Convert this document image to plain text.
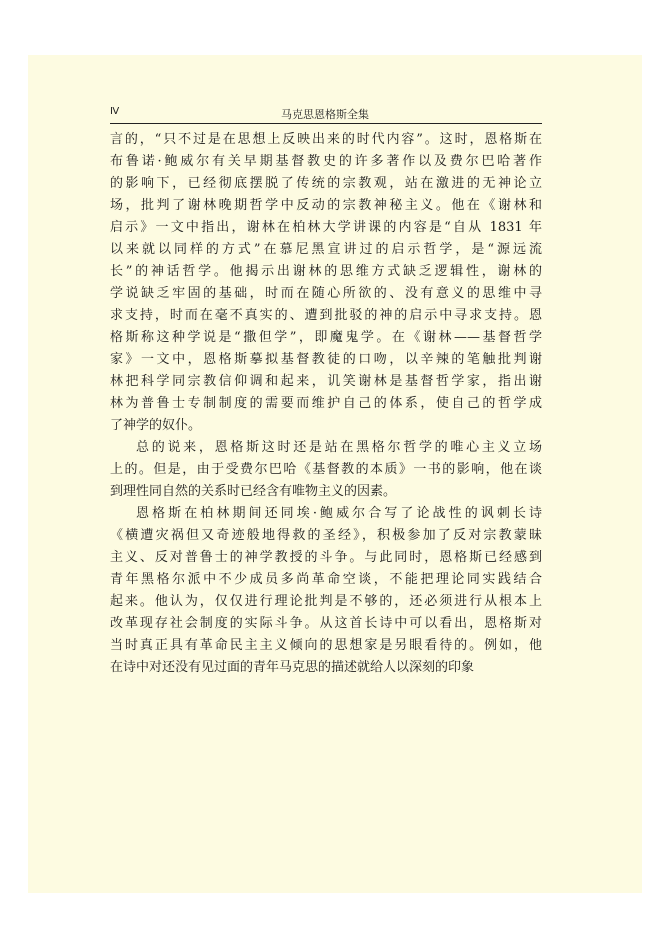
Ⅳ	马克思恩格斯全集
言的，“只不过是在思想上反映出来的时代内容”。这时，恩格斯在
布鲁诺·鲍威尔有关早期基督教史的许多著作以及费尔巴哈著作
的影响下，已经彻底摆脱了传统的宗教观，站在激进的无神论立
场，批判了谢林晚期哲学中反动的宗教神秘主义。他在《谢林和
启示》一文中指出，谢林在柏林大学讲课的内容是“自从 1831 年
以来就以同样的方式”在慕尼黑宣讲过的启示哲学，是“源远流
长”的神话哲学。他揭示出谢林的思维方式缺乏逻辑性，谢林的
学说缺乏牢固的基础，时而在随心所欲的、没有意义的思维中寻
求支持，时而在毫不真实的、遭到批驳的神的启示中寻求支持。恩
格斯称这种学说是“撒但学”，即魔鬼学。在《谢林——基督哲学
家》一文中，恩格斯摹拟基督教徒的口吻，以辛辣的笔触批判谢
林把科学同宗教信仰调和起来，讥笑谢林是基督哲学家，指出谢
林为普鲁士专制制度的需要而维护自己的体系，使自己的哲学成
了神学的奴仆。
总的说来，恩格斯这时还是站在黑格尔哲学的唯心主义立场
上的。但是，由于受费尔巴哈《基督教的本质》一书的影响，他在谈
到理性同自然的关系时已经含有唯物主义的因素。
恩格斯在柏林期间还同埃·鲍威尔合写了论战性的讽刺长诗
《横遭灾祸但又奇迹般地得救的圣经》，积极参加了反对宗教蒙昧
主义、反对普鲁士的神学教授的斗争。与此同时，恩格斯已经感到
青年黑格尔派中不少成员多尚革命空谈，不能把理论同实践结合
起来。他认为，仅仅进行理论批判是不够的，还必须进行从根本上
改革现存社会制度的实际斗争。从这首长诗中可以看出，恩格斯对
当时真正具有革命民主主义倾向的思想家是另眼看待的。例如，他
在诗中对还没有见过面的青年马克思的描述就给人以深刻的印象
